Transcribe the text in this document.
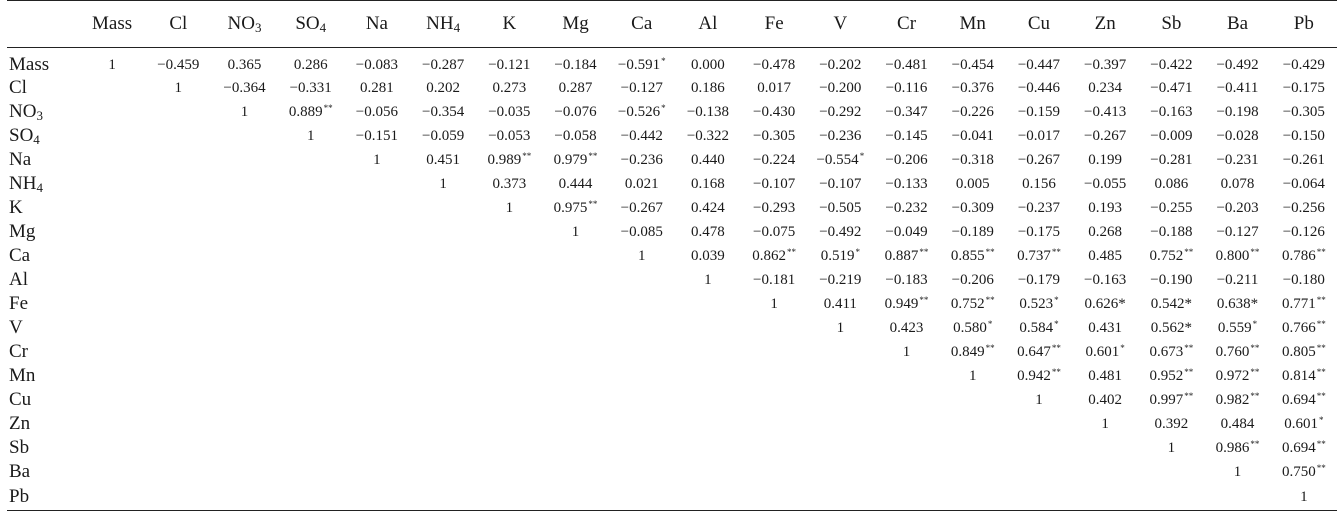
	Mass	Cl	$NO_3$	$SO_4$	Na	$NH_4$	K	Mg	Ca	Al	Fe	V	Cr	Mn	Cu	Zn	Sb	Ba	Pb
Mass	1	−0.459	0.365	0.286	−0.083	−0.287	−0.121	−0.184	−0.591*	0.000	−0.478	−0.202	−0.481	−0.454	−0.447	−0.397	−0.422	−0.492	−0.429
Cl		1	−0.364	−0.331	0.281	0.202	0.273	0.287	−0.127	0.186	0.017	−0.200	−0.116	−0.376	−0.446	0.234	−0.471	−0.411	−0.175
$NO_3$			1	0.889**	−0.056	−0.354	−0.035	−0.076	−0.526*	−0.138	−0.430	−0.292	−0.347	−0.226	−0.159	−0.413	−0.163	−0.198	−0.305
$SO_4$				1	−0.151	−0.059	−0.053	−0.058	−0.442	−0.322	−0.305	−0.236	−0.145	−0.041	−0.017	−0.267	−0.009	−0.028	−0.150
Na					1	0.451	0.989**	0.979**	−0.236	0.440	−0.224	−0.554*	−0.206	−0.318	−0.267	0.199	−0.281	−0.231	−0.261
$NH_4$						1	0.373	0.444	0.021	0.168	−0.107	−0.107	−0.133	0.005	0.156	−0.055	0.086	0.078	−0.064
K							1	0.975**	−0.267	0.424	−0.293	−0.505	−0.232	−0.309	−0.237	0.193	−0.255	−0.203	−0.256
Mg								1	−0.085	0.478	−0.075	−0.492	−0.049	−0.189	−0.175	0.268	−0.188	−0.127	−0.126
Ca									1	0.039	0.862**	0.519*	0.887**	0.855**	0.737**	0.485	0.752**	0.800**	0.786**
Al										1	−0.181	−0.219	−0.183	−0.206	−0.179	−0.163	−0.190	−0.211	−0.180
Fe											1	0.411	0.949**	0.752**	0.523*	0.626*	0.542*	0.638*	0.771**
V												1	0.423	0.580*	0.584*	0.431	0.562*	0.559*	0.766**
Cr													1	0.849**	0.647**	0.601*	0.673**	0.760**	0.805**
Mn														1	0.942**	0.481	0.952**	0.972**	0.814**
Cu															1	0.402	0.997**	0.982**	0.694**
Zn																1	0.392	0.484	0.601*
Sb																	1	0.986**	0.694**
Ba																		1	0.750**
Pb																			1
